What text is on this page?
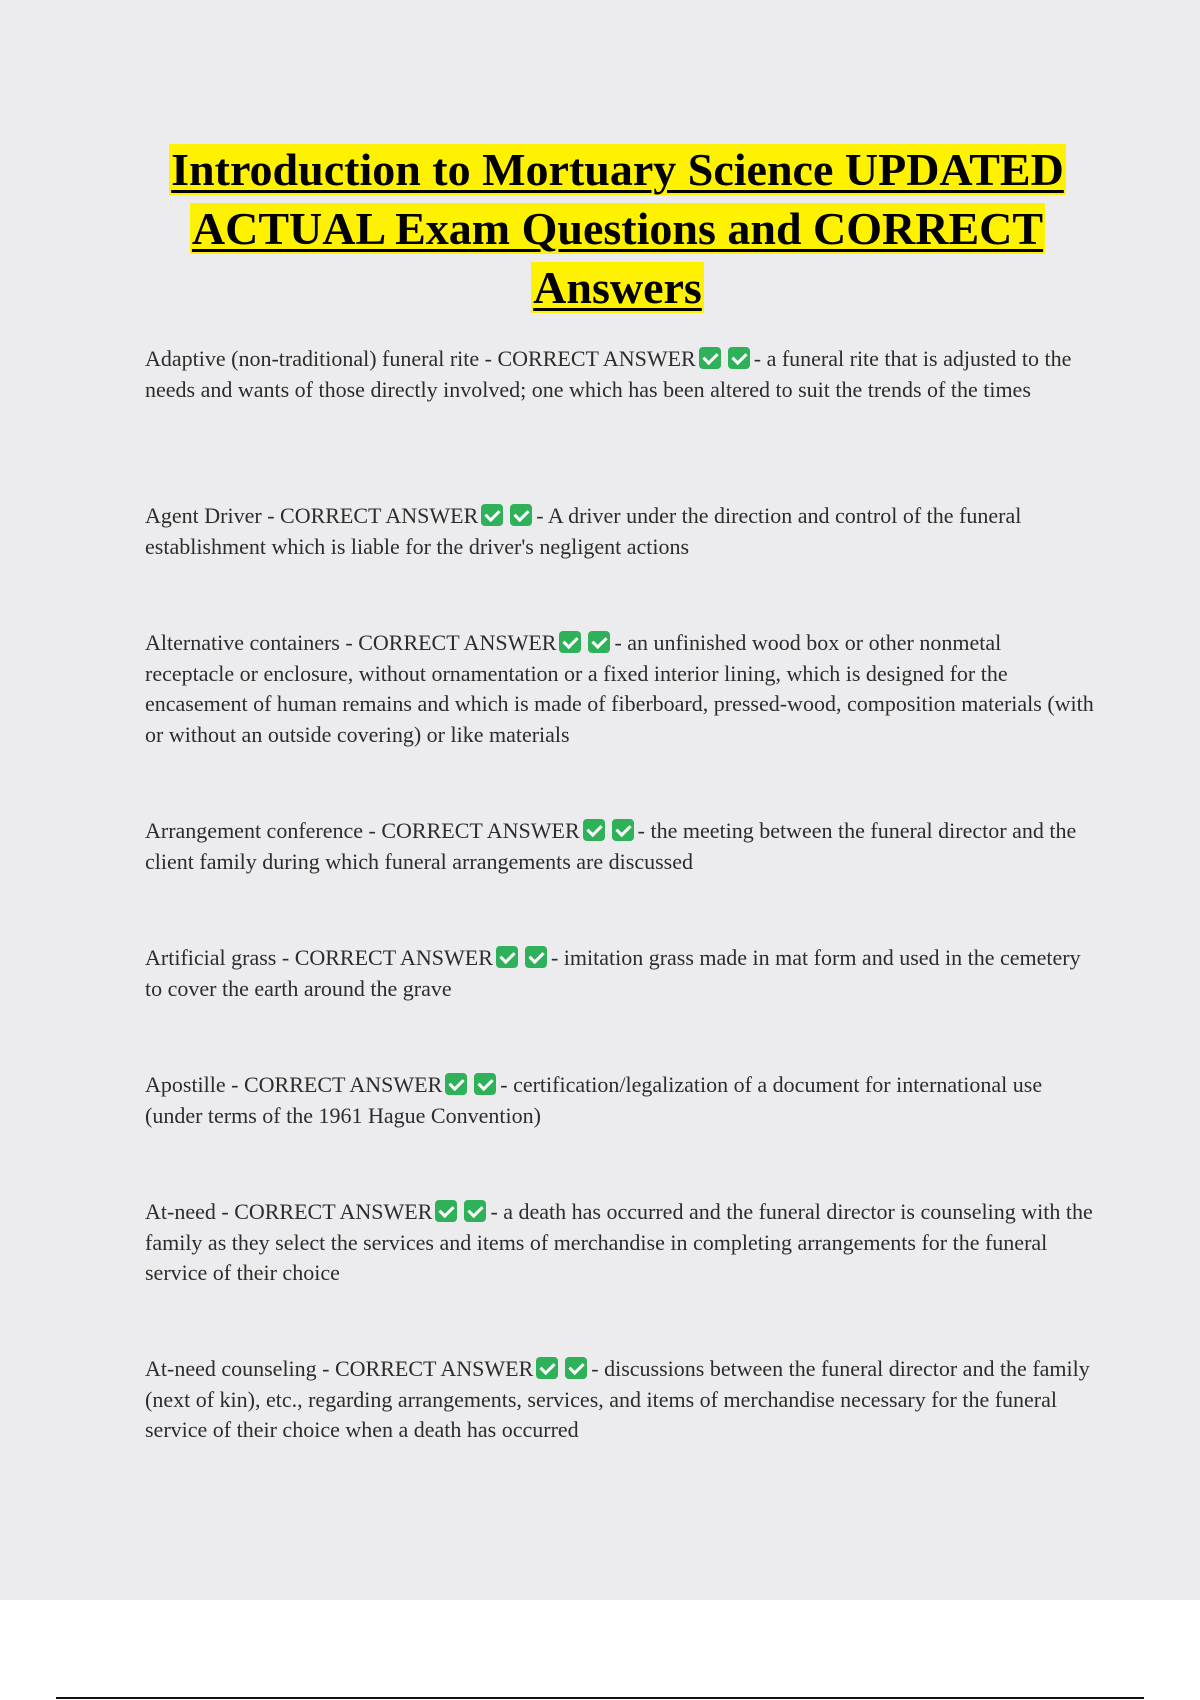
Introduction to Mortuary Science UPDATED
ACTUAL Exam Questions and CORRECT
Answers

Adaptive (non-traditional) funeral rite - CORRECT ANSWER	- a funeral rite that is adjusted to the needs and wants of those directly involved; one which has been altered to suit the trends of the times

Agent Driver - CORRECT ANSWER	- A driver under the direction and control of the funeral establishment which is liable for the driver's negligent actions

Alternative containers - CORRECT ANSWER	- an unfinished wood box or other nonmetal receptacle or enclosure, without ornamentation or a fixed interior lining, which is designed for the encasement of human remains and which is made of fiberboard, pressed-wood, composition materials (with or without an outside covering) or like materials

Arrangement conference - CORRECT ANSWER	- the meeting between the funeral director and the client family during which funeral arrangements are discussed

Artificial grass - CORRECT ANSWER	- imitation grass made in mat form and used in the cemetery to cover the earth around the grave

Apostille - CORRECT ANSWER	- certification/legalization of a document for international use (under terms of the 1961 Hague Convention)

At-need - CORRECT ANSWER	- a death has occurred and the funeral director is counseling with the family as they select the services and items of merchandise in completing arrangements for the funeral service of their choice

At-need counseling - CORRECT ANSWER	- discussions between the funeral director and the family (next of kin), etc., regarding arrangements, services, and items of merchandise necessary for the funeral service of their choice when a death has occurred
